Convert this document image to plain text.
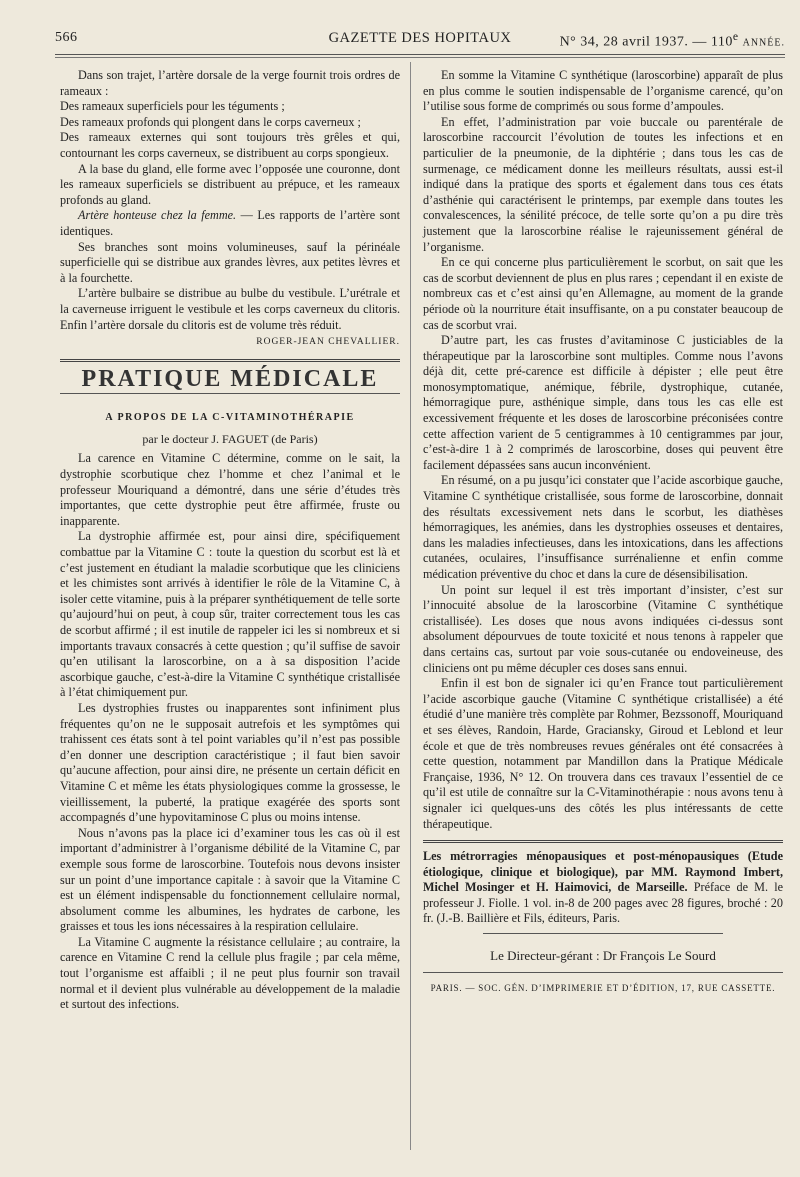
566	GAZETTE DES HOPITAUX	N° 34, 28 avril 1937. — 110e ANNÉE.

Dans son trajet, l’artère dorsale de la verge fournit trois ordres de rameaux :

Des rameaux superficiels pour les téguments ;

Des rameaux profonds qui plongent dans le corps caverneux ;

Des rameaux externes qui sont toujours très grêles et qui, contournant les corps caverneux, se distribuent au corps spongieux.

A la base du gland, elle forme avec l’opposée une couronne, dont les rameaux superficiels se distribuent au prépuce, et les rameaux profonds au gland.

Artère honteuse chez la femme. — Les rapports de l’artère sont identiques.

Ses branches sont moins volumineuses, sauf la périnéale superficielle qui se distribue aux grandes lèvres, aux petites lèvres et à la fourchette.

L’artère bulbaire se distribue au bulbe du vestibule. L’urétrale et la caverneuse irriguent le vestibule et les corps caverneux du clitoris. Enfin l’artère dorsale du clitoris est de volume très réduit.

ROGER-JEAN CHEVALLIER.
PRATIQUE MÉDICALE
A PROPOS DE LA C-VITAMINOTHÉRAPIE
par le docteur J. FAGUET (de Paris)

La carence en Vitamine C détermine, comme on le sait, la dystrophie scorbutique chez l’homme et chez l’animal et le professeur Mouriquand a démontré, dans une série d’études très importantes, que cette dystrophie peut être affirmée, fruste ou inapparente.

La dystrophie affirmée est, pour ainsi dire, spécifiquement combattue par la Vitamine C : toute la question du scorbut est là et c’est justement en étudiant la maladie scorbutique que les cliniciens et les chimistes sont arrivés à identifier le rôle de la Vitamine C, à isoler cette vitamine, puis à la préparer synthétiquement de telle sorte qu’aujourd’hui on peut, à coup sûr, traiter correctement tous les cas de scorbut affirmé ; il est inutile de rappeler ici les si nombreux et si importants travaux consacrés à cette question ; qu’il suffise de savoir qu’en utilisant la laroscorbine, on a à sa disposition l’acide ascorbique gauche, c’est-à-dire la Vitamine C synthétique cristallisée à l’état chimiquement pur.

Les dystrophies frustes ou inapparentes sont infiniment plus fréquentes qu’on ne le supposait autrefois et les symptômes qui trahissent ces états sont à tel point variables qu’il n’est pas possible d’en donner une description caractéristique ; il faut bien savoir qu’aucune affection, pour ainsi dire, ne présente un certain déficit en Vitamine C et même les états physiologiques comme la grossesse, le vieillissement, la puberté, la pratique exagérée des sports sont accompagnés d’une hypovitaminose C plus ou moins intense.

Nous n’avons pas la place ici d’examiner tous les cas où il est important d’administrer à l’organisme débilité de la Vitamine C, par exemple sous forme de laroscorbine. Toutefois nous devons insister sur un point d’une importance capitale : à savoir que la Vitamine C est un élément indispensable du fonctionnement cellulaire normal, absolument comme les albumines, les hydrates de carbone, les graisses et tous les ions nécessaires à la respiration cellulaire.

La Vitamine C augmente la résistance cellulaire ; au contraire, la carence en Vitamine C rend la cellule plus fragile ; par cela même, tout l’organisme est affaibli ; il ne peut plus fournir son travail normal et il devient plus vulnérable au développement de la maladie et surtout des infections.

En somme la Vitamine C synthétique (laroscorbine) apparaît de plus en plus comme le soutien indispensable de l’organisme carencé, qu’on l’utilise sous forme de comprimés ou sous forme d’ampoules.

En effet, l’administration par voie buccale ou parentérale de laroscorbine raccourcit l’évolution de toutes les infections et en particulier de la pneumonie, de la diphtérie ; dans tous les cas de surmenage, ce médicament donne les meilleurs résultats, aussi est-il indiqué dans la pratique des sports et également dans tous ces états d’asthénie qui caractérisent le printemps, par exemple dans toutes les convalescences, la sénilité précoce, de telle sorte qu’on a pu dire très justement que la laroscorbine réalise le rajeunissement général de l’organisme.

En ce qui concerne plus particulièrement le scorbut, on sait que les cas de scorbut deviennent de plus en plus rares ; cependant il en existe de nombreux cas et c’est ainsi qu’en Allemagne, au moment de la grande période où la nourriture était insuffisante, on a pu constater beaucoup de cas de scorbut vrai.

D’autre part, les cas frustes d’avitaminose C justiciables de la thérapeutique par la laroscorbine sont multiples. Comme nous l’avons déjà dit, cette pré-carence est difficile à dépister ; elle peut être monosymptomatique, anémique, fébrile, dystrophique, cutanée, hémorragique pure, asthénique simple, dans tous les cas elle est excessivement fréquente et les doses de laroscorbine préconisées contre cette affection varient de 5 centigrammes à 10 centigrammes par jour, c’est-à-dire 1 à 2 comprimés de laroscorbine, doses qui peuvent être facilement dépassées sans aucun inconvénient.

En résumé, on a pu jusqu’ici constater que l’acide ascorbique gauche, Vitamine C synthétique cristallisée, sous forme de laroscorbine, donnait des résultats excessivement nets dans le scorbut, les diathèses hémorragiques, les anémies, dans les dystrophies osseuses et dentaires, dans les maladies infectieuses, dans les intoxications, dans les affections cutanées, oculaires, l’insuffisance surrénalienne et enfin comme médication préventive du choc et dans la cure de désensibilisation.

Un point sur lequel il est très important d’insister, c’est sur l’innocuité absolue de la laroscorbine (Vitamine C synthétique cristallisée). Les doses que nous avons indiquées ci-dessus sont absolument dépourvues de toute toxicité et nous tenons à rappeler que dans certains cas, surtout par voie sous-cutanée ou endoveineuse, des cliniciens ont pu même décupler ces doses sans ennui.

Enfin il est bon de signaler ici qu’en France tout particulièrement l’acide ascorbique gauche (Vitamine C synthétique cristallisée) a été étudié d’une manière très complète par Rohmer, Bezssonoff, Mouriquand et ses élèves, Randoin, Harde, Graciansky, Giroud et Leblond et leur école et que de très nombreuses revues générales ont été consacrées à cette question, notamment par Mandillon dans la Pratique Médicale Française, 1936, N° 12. On trouvera dans ces travaux l’essentiel de ce qu’il est utile de connaître sur la C-Vitaminothérapie : nous avons tenu à signaler ici quelques-uns des côtés les plus intéressants de cette thérapeutique.

Les métrorragies ménopausiques et post-ménopausiques (Etude étiologique, clinique et biologique), par MM. Raymond Imbert, Michel Mosinger et H. Haimovici, de Marseille. Préface de M. le professeur J. Fiolle. 1 vol. in-8 de 200 pages avec 28 figures, broché : 20 fr. (J.-B. Baillière et Fils, éditeurs, Paris.

Le Directeur-gérant : Dr François Le Sourd
PARIS. — SOC. GÉN. D’IMPRIMERIE ET D’ÉDITION, 17, RUE CASSETTE.
